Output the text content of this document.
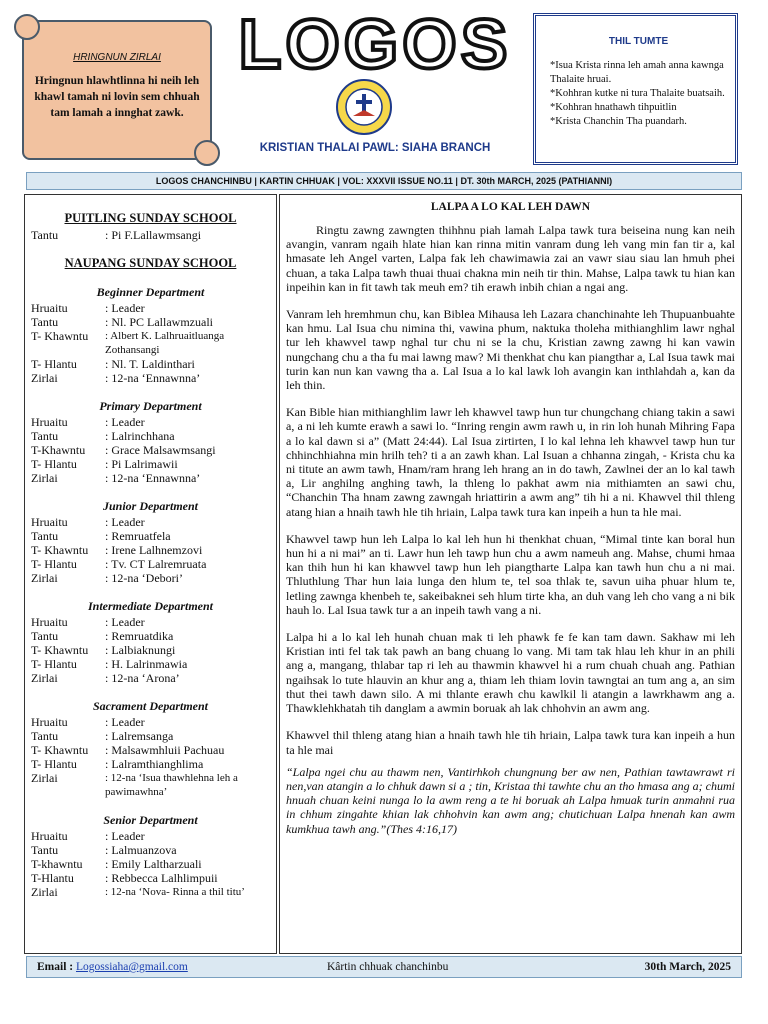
HRINGNUN ZIRLAI
Hringnun hlawhtlinna hi neih leh khawl tamah ni lovin sem chhuah tam lamah a innghat zawk.
LOGOS
KRISTIAN THALAI PAWL: SIAHA BRANCH
THIL TUMTE
*Isua Krista rinna leh amah anna kawnga Thalaite hruai.
*Kohhran kutke ni tura Thalaite buatsaih.
*Kohhran hnathawh tihpuitlin
*Krista Chanchin Tha puandarh.
LOGOS CHANCHINBU | KARTIN CHHUAK | VOL: XXXVII ISSUE NO.11 | DT. 30th MARCH, 2025 (PATHIANNI)
PUITLING SUNDAY SCHOOL
Tantu	: Pi F.Lallawmsangi
NAUPANG SUNDAY SCHOOL
Beginner Department
Hruaitu	: Leader
Tantu	: Nl. PC Lallawmzuali
T- Khawntu	: Albert K. Lalhruaitluanga Zothansangi
T- Hlantu	: Nl. T. Laldinthari
Zirlai	: 12-na ‘Ennawnna’
Primary Department
Hruaitu	: Leader
Tantu	: Lalrinchhana
T-Khawntu	: Grace Malsawmsangi
T- Hlantu	: Pi Lalrimawii
Zirlai	: 12-na ‘Ennawnna’
Junior Department
Hruaitu	: Leader
Tantu	: Remruatfela
T- Khawntu	: Irene Lalhnemzovi
T- Hlantu	: Tv. CT Lalremruata
Zirlai	: 12-na ‘Debori’
Intermediate Department
Hruaitu	: Leader
Tantu	: Remruatdika
T- Khawntu	: Lalbiaknungi
T- Hlantu	: H. Lalrinmawia
Zirlai	: 12-na ‘Arona’
Sacrament Department
Hruaitu	: Leader
Tantu	: Lalremsanga
T- Khawntu	: Malsawmhluii Pachuau
T- Hlantu	: Lalramthianghlima
Zirlai	: 12-na ‘Isua thawhlehna leh a pawimawhna’
Senior Department
Hruaitu	: Leader
Tantu	: Lalmuanzova
T-khawntu	: Emily Laltharzuali
T-Hlantu	: Rebbecca Lalhlimpuii
Zirlai	: 12-na ‘Nova- Rinna a thil titu’
LALPA A LO KAL LEH DAWN
Ringtu zawng zawngten thihhnu piah lamah Lalpa tawk tura beiseina nung kan neih avangin, vanram ngaih hlate hian kan rinna mitin vanram dung leh vang min fan tir a, kal hmasate leh Angel varten, Lalpa fak leh chawimawia zai an vawr siau siau lan hmuh phei chuan, a taka Lalpa tawh thuai thuai chakna min neih tir thin. Mahse, Lalpa tawk tu hian kan inpeihin kan in fit tawh tak meuh em? tih erawh inbih chian a ngai ang.
Vanram leh hremhmun chu, kan Biblea Mihausa leh Lazara chanchinahte leh Thupuanbuahte kan hmu. Lal Isua chu nimina thi, vawina phum, naktuka tholeha mithianghlim lawr nghal tur leh khawvel tawp nghal tur chu ni se la chu, Kristian zawng zawng hi kan vawin nungchang chu a tha fu mai lawng maw? Mi thenkhat chu kan piangthar a, Lal Isua tawk mai turin kan nun kan vawng tha a. Lal Isua a lo kal lawk loh avangin kan inthlahdah a, kan da leh thin.
Kan Bible hian mithianghlim lawr leh khawvel tawp hun tur chungchang chiang takin a sawi a, a ni leh kumte erawh a sawi lo. “Inring rengin awm rawh u, in rin loh hunah Mihring Fapa a lo kal dawn si a” (Matt 24:44). Lal Isua zirtirten, I lo kal lehna leh khawvel tawp hun tur chhinchhiahna min hrilh teh? ti a an zawh khan. Lal Isuan a chhanna zingah, - Krista chu ka ni titute an awm tawh, Hnam/ram hrang leh hrang an in do tawh, Zawlnei der an lo kal tawh a, Lir anghilng anghing tawh, la thleng lo pakhat awm nia mithiamten an sawi chu, “Chanchin Tha hnam zawng zawngah hriattirin a awm ang” tih hi a ni. Khawvel thil thleng atang hian a hnaih tawh hle tih hriain, Lalpa tawk tura kan inpeih a hun ta hle mai.
Khawvel tawp hun leh Lalpa lo kal leh hun hi thenkhat chuan, “Mimal tinte kan boral hun hun hi a ni mai” an ti. Lawr hun leh tawp hun chu a awm nameuh ang. Mahse, chumi hmaa kan thih hun hi kan khawvel tawp hun leh piangtharte Lalpa kan tawh hun chu a ni mai. Thluthlung Thar hun laia lunga den hlum te, tel soa thlak te, savun uiha phuar hlum te, letling zawnga khenbeh te, sakeibaknei seh hlum tirte kha, an duh vang leh cho vang a ni bik hauh lo. Lal Isua tawk tur a an inpeih tawh vang a ni.
Lalpa hi a lo kal leh hunah chuan mak ti leh phawk fe fe kan tam dawn. Sakhaw mi leh Kristian inti fel tak tak pawh an bang chuang lo vang. Mi tam tak hlau leh khur in an phili ang a, mangang, thlabar tap ri leh au thawmin khawvel hi a rum chuah chuah ang. Pathian ngaihsak lo tute hlauvin an khur ang a, thiam leh thiam lovin tawngtai an tum ang a, an sim thut thei tawh dawn silo. A mi thlante erawh chu kawlkil li atangin a lawrkhawm ang a. Thawklehkhatah tih danglam a awmin boruak ah lak chhohvin an awm ang.
Khawvel thil thleng atang hian a hnaih tawh hle tih hriain, Lalpa tawk tura kan inpeih a hun ta hle mai
“Lalpa ngei chu au thawm nen, Vantirhkoh chungnung ber aw nen, Pathian tawtawrawt ri nen,van atangin a lo chhuk dawn si a ; tin, Kristaa thi tawhte chu an tho hmasa ang a; chumi hnuah chuan keini nunga lo la awm reng a te hi boruak ah Lalpa hmuak turin anmahni rua in chhum zingahte khian lak chhohvin kan awm ang; chutichuan Lalpa hnenah kan awm kumkhua tawh ang.”(Thes 4:16,17)
Email : Logossiaha@gmail.com	Kârtin chhuak chanchinbu	30th March, 2025
